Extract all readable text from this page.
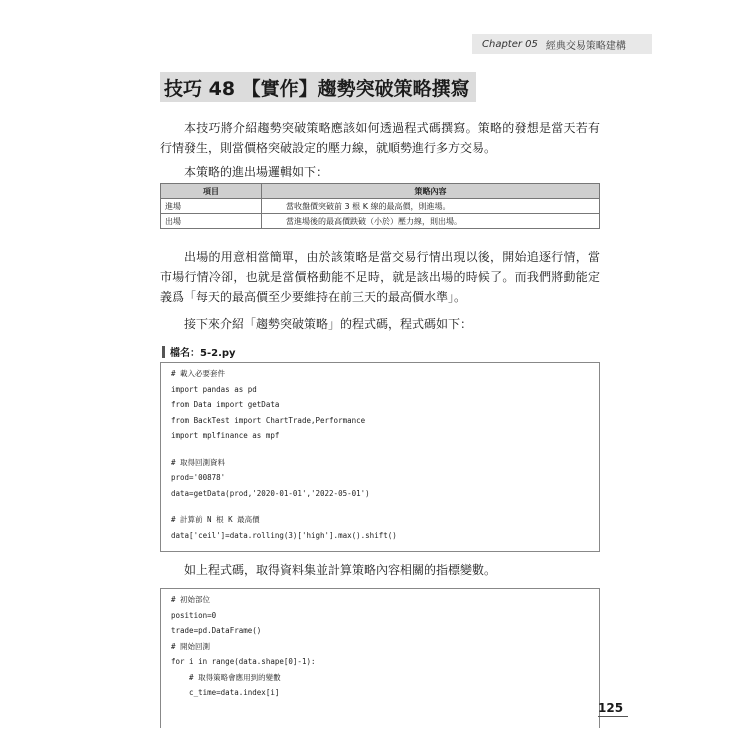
Chapter 05 經典交易策略建構
技巧 48 【實作】趨勢突破策略撰寫

本技巧將介紹趨勢突破策略應該如何透過程式碼撰寫。策略的發想是當天若有行情發生，則當價格突破設定的壓力線，就順勢進行多方交易。

本策略的進出場邏輯如下：

項目	策略內容
進場	當收盤價突破前 3 根 K 線的最高價，則進場。
出場	當進場後的最高價跌破（小於）壓力線，則出場。

出場的用意相當簡單，由於該策略是當交易行情出現以後，開始追逐行情，當市場行情冷卻，也就是當價格動能不足時，就是該出場的時候了。而我們將動能定義爲「每天的最高價至少要維持在前三天的最高價水準」。

接下來介紹「趨勢突破策略」的程式碼，程式碼如下：

檔名：5-2.py
# 載入必要套件
import pandas as pd
from Data import getData
from BackTest import ChartTrade,Performance
import mplfinance as mpf
# 取得回測資料
prod='00878'
data=getData(prod,'2020-01-01','2022-05-01')
# 計算前 N 根 K 最高價
data['ceil']=data.rolling(3)['high'].max().shift()

如上程式碼，取得資料集並計算策略內容相關的指標變數。

# 初始部位
position=0
trade=pd.DataFrame()
# 開始回測
for i in range(data.shape[0]-1):
# 取得策略會應用到的變數
c_time=data.index[i]
125
